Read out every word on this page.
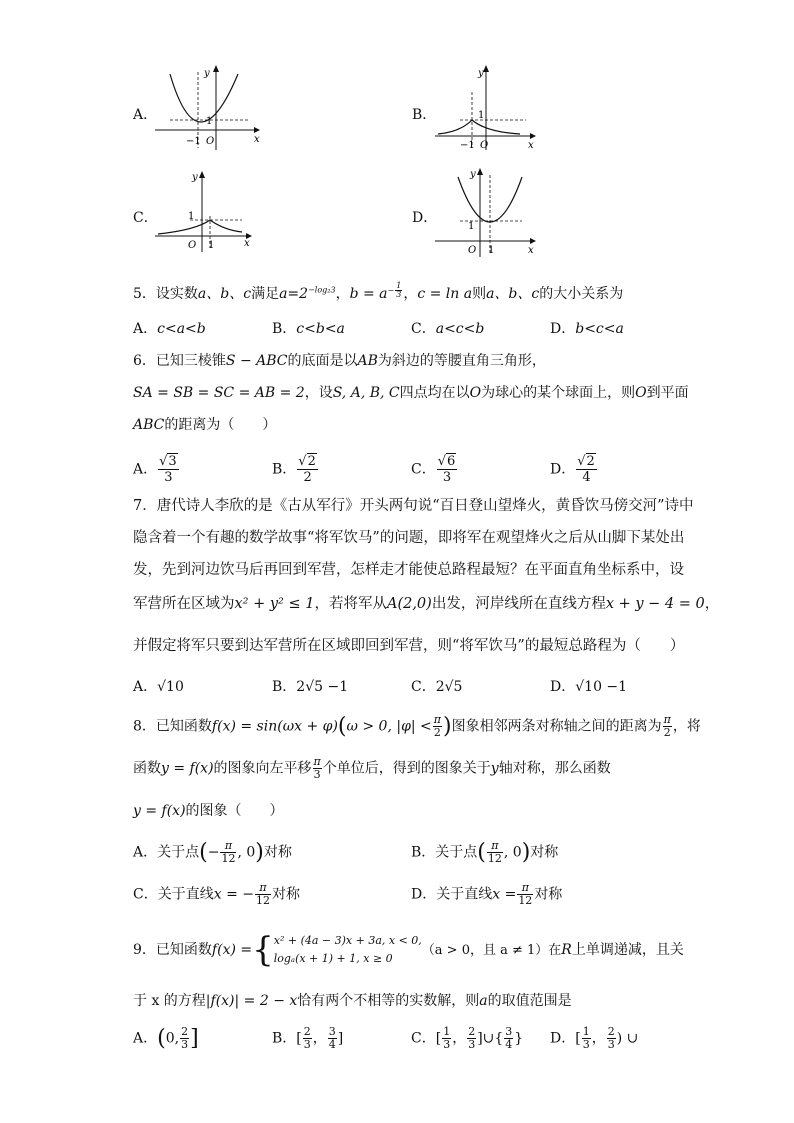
A．
y
x
1
−1 O
B．
y
x
1
−1 O
C．
y
x
1
1
O
D．
y
x
1
1
O
5．设实数a、b、c满足$a=2^{-log_23}$，$b = a^{- \frac{1}{3}}$ ，c = ln a则a、b、c的大小关系为
A．c<a<b	B．c<b<a	C．a<c<b	D．b<c<a
6．已知三棱锥S − ABC的底面是以AB为斜边的等腰直角三角形，
SA = SB = SC = AB = 2，设S, A, B, C四点均在以O为球心的某个球面上，则O到平面
ABC的距离为（　　）
A． $\frac{√3}{3}$	B． $\frac{√2}{2}$	C． $\frac{√6}{3}$	D． $\frac{√2}{4}$
7．唐代诗人李欣的是《古从军行》开头两句说“百日登山望烽火，黄昏饮马傍交河”诗中
隐含着一个有趣的数学故事“将军饮马”的问题，即将军在观望烽火之后从山脚下某处出
发，先到河边饮马后再回到军营，怎样走才能使总路程最短？在平面直角坐标系中，设
军营所在区域为x² + y² ≤ 1，若将军从A(2,0)出发，河岸线所在直线方程x + y − 4 = 0，
并假定将军只要到达军营所在区域即回到军营，则“将军饮马”的最短总路程为（　　）
A．√10	B．2√5 −1	C．2√5	D．√10 −1
8．已知函数f(x) = sin(ωx + φ)(ω > 0, $|\varphi| < \frac{\pi}{2}$ )图象相邻两条对称轴之间的距离为 $\frac{\pi}{2}$ ，将
函数y = f(x)的图象向左平移 $\frac{\pi}{3}$ 个单位后，得到的图象关于y轴对称，那么函数
y = f(x)的图象（　　）
A．关于点(− $\frac{\pi}{12}$ , 0)对称	B．关于点( $\frac{\pi}{12}$ , 0)对称
C．关于直线x = − $\frac{\pi}{12}$ 对称	D．关于直线$x = \frac{\pi}{12}$ 对称
9．已知函数f(x) ={ x² + (4a − 3)x + 3a, x < 0,
logₐ(x + 1) + 1, x ≥ 0
（a > 0，且 a ≠ 1）在R上单调递减，且关
于 x 的方程|f(x)| = 2 − x恰有两个不相等的实数解，则a的取值范围是
A．(0, $\frac{2}{3}$ ]	B．[ $\frac{2}{3}$ ， $\frac{3}{4}$ ]	C．[ $\frac{1}{3}$ ， $\frac{2}{3}$ ]∪{ $\frac{3}{4}$ } D．[ $\frac{1}{3}$ ， $\frac{2}{3}$ ) ∪
